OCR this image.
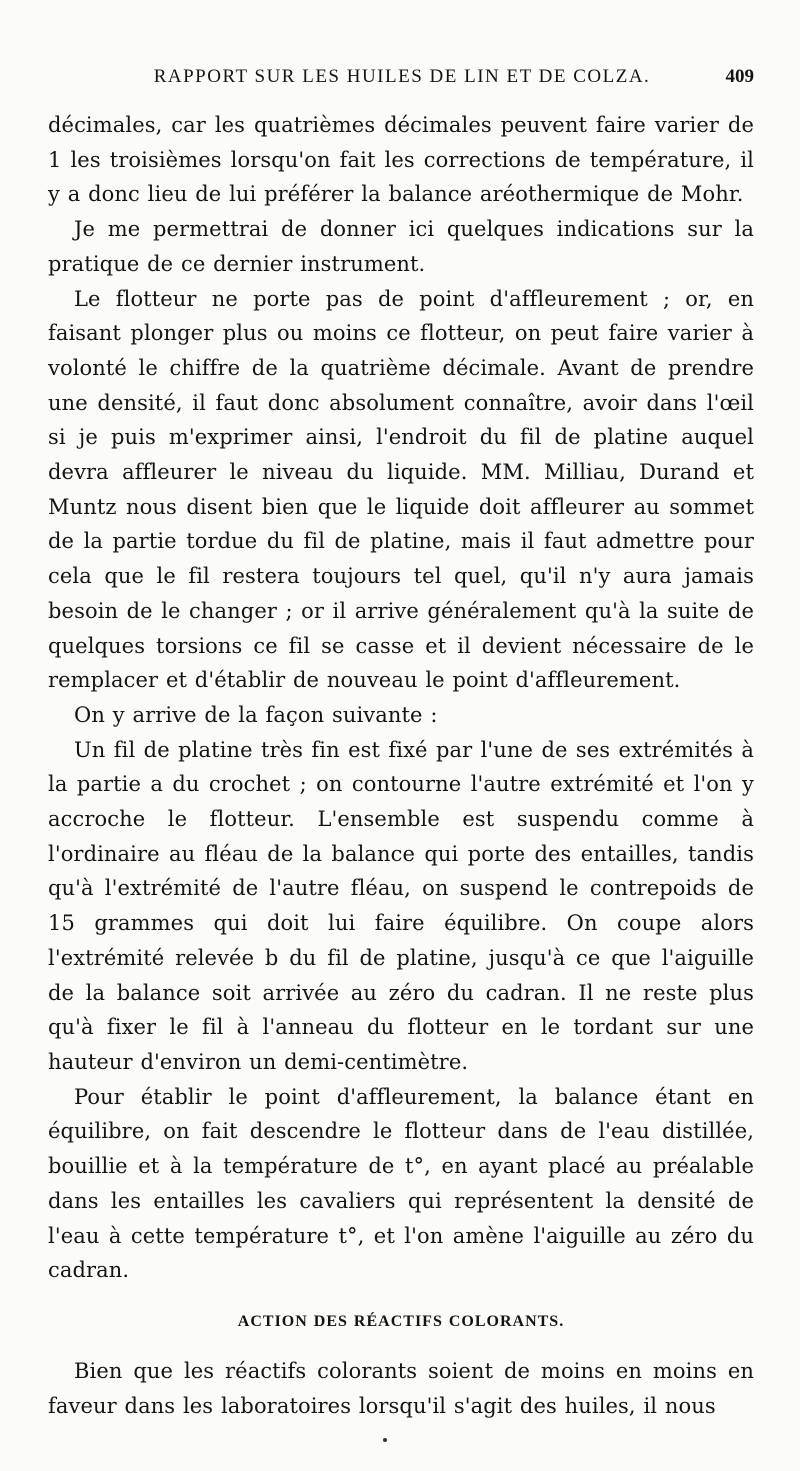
RAPPORT SUR LES HUILES DE LIN ET DE COLZA.	409

décimales, car les quatrièmes décimales peuvent faire varier de 1 les troisièmes lorsqu'on fait les corrections de température, il y a donc lieu de lui préférer la balance aréothermique de Mohr.

Je me permettrai de donner ici quelques indications sur la pratique de ce dernier instrument.

Le flotteur ne porte pas de point d'affleurement ; or, en faisant plonger plus ou moins ce flotteur, on peut faire varier à volonté le chiffre de la quatrième décimale. Avant de prendre une densité, il faut donc absolument connaître, avoir dans l'œil si je puis m'exprimer ainsi, l'endroit du fil de platine auquel devra affleurer le niveau du liquide. MM. Milliau, Durand et Muntz nous disent bien que le liquide doit affleurer au sommet de la partie tordue du fil de platine, mais il faut admettre pour cela que le fil restera toujours tel quel, qu'il n'y aura jamais besoin de le changer ; or il arrive généralement qu'à la suite de quelques torsions ce fil se casse et il devient nécessaire de le remplacer et d'établir de nouveau le point d'affleurement.

On y arrive de la façon suivante :

Un fil de platine très fin est fixé par l'une de ses extrémités à la partie a du crochet ; on contourne l'autre extrémité et l'on y accroche le flotteur. L'ensemble est suspendu comme à l'ordinaire au fléau de la balance qui porte des entailles, tandis qu'à l'extrémité de l'autre fléau, on suspend le contrepoids de 15 grammes qui doit lui faire équilibre. On coupe alors l'extrémité relevée b du fil de platine, jusqu'à ce que l'aiguille de la balance soit arrivée au zéro du cadran. Il ne reste plus qu'à fixer le fil à l'anneau du flotteur en le tordant sur une hauteur d'environ un demi-centimètre.

Pour établir le point d'affleurement, la balance étant en équilibre, on fait descendre le flotteur dans de l'eau distillée, bouillie et à la température de t°, en ayant placé au préalable dans les entailles les cavaliers qui représentent la densité de l'eau à cette température t°, et l'on amène l'aiguille au zéro du cadran.

ACTION DES RÉACTIFS COLORANTS.

Bien que les réactifs colorants soient de moins en moins en faveur dans les laboratoires lorsqu'il s'agit des huiles, il nous
